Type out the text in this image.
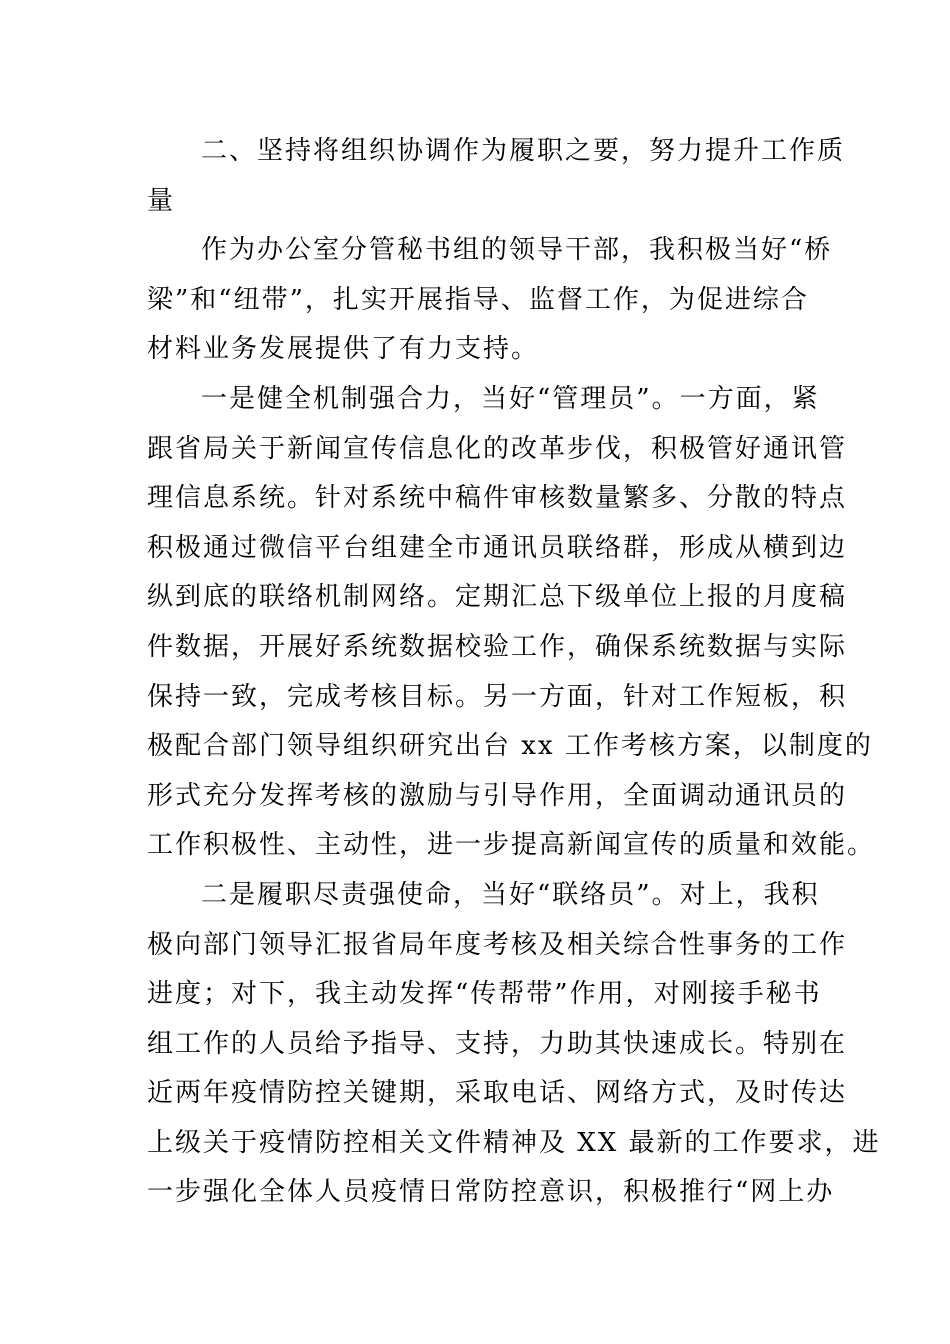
二、坚持将组织协调作为履职之要，努力提升工作质
量
作为办公室分管秘书组的领导干部，我积极当好“桥
梁”和“纽带”，扎实开展指导、监督工作，为促进综合
材料业务发展提供了有力支持。
一是健全机制强合力，当好“管理员”。一方面，紧
跟省局关于新闻宣传信息化的改革步伐，积极管好通讯管
理信息系统。针对系统中稿件审核数量繁多、分散的特点
积极通过微信平台组建全市通讯员联络群，形成从横到边
纵到底的联络机制网络。定期汇总下级单位上报的月度稿
件数据，开展好系统数据校验工作，确保系统数据与实际
保持一致，完成考核目标。另一方面，针对工作短板，积
极配合部门领导组织研究出台 xx 工作考核方案，以制度的
形式充分发挥考核的激励与引导作用，全面调动通讯员的
工作积极性、主动性，进一步提高新闻宣传的质量和效能。
二是履职尽责强使命，当好“联络员”。对上，我积
极向部门领导汇报省局年度考核及相关综合性事务的工作
进度；对下，我主动发挥“传帮带”作用，对刚接手秘书
组工作的人员给予指导、支持，力助其快速成长。特别在
近两年疫情防控关键期，采取电话、网络方式，及时传达
上级关于疫情防控相关文件精神及 XX 最新的工作要求，进
一步强化全体人员疫情日常防控意识，积极推行“网上办
